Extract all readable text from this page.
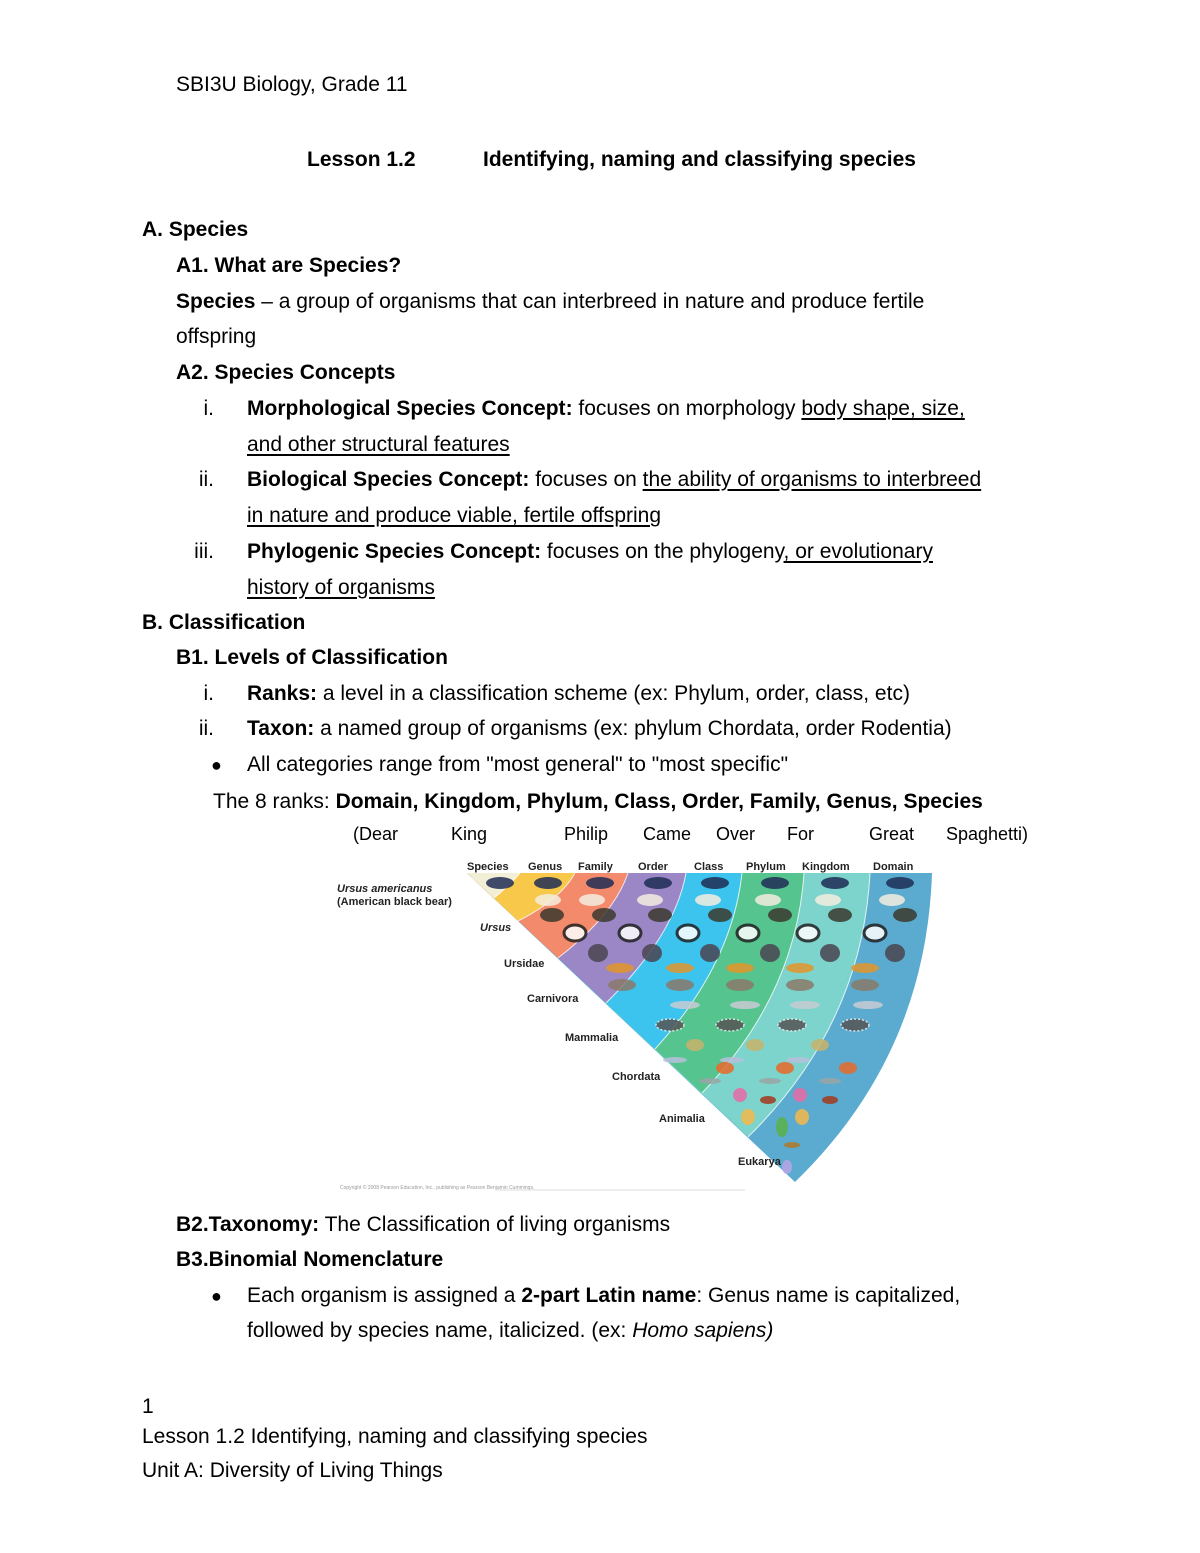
SBI3U Biology, Grade 11
Lesson 1.2	Identifying, naming and classifying species
A. Species
A1. What are Species?
Species – a group of organisms that can interbreed in nature and produce fertile
offspring
A2. Species Concepts
i. Morphological Species Concept: focuses on morphology body shape, size,
and other structural features
ii. Biological Species Concept: focuses on the ability of organisms to interbreed
in nature and produce viable, fertile offspring
iii. Phylogenic Species Concept: focuses on the phylogeny, or evolutionary
history of organisms
B. Classification
B1. Levels of Classification
i. Ranks: a level in a classification scheme (ex: Phylum, order, class, etc)
ii. Taxon: a named group of organisms (ex: phylum Chordata, order Rodentia)
● All categories range from "most general" to "most specific"
The 8 ranks: Domain, Kingdom, Phylum, Class, Order, Family, Genus, Species
(Dear	King	Philip Came Over For	Great Spaghetti)
Species Genus Family Order Class Phylum Kingdom Domain
Ursus americanus
(American black bear)
Ursus
Ursidae
Carnivora
Mammalia
Chordata
Animalia
Eukarya
Copyright © 2008 Pearson Education, Inc., publishing as Pearson Benjamin Cummings.
B2.Taxonomy: The Classification of living organisms
B3.Binomial Nomenclature
● Each organism is assigned a 2-part Latin name: Genus name is capitalized,
followed by species name, italicized. (ex: Homo sapiens)
1
Lesson 1.2 Identifying, naming and classifying species
Unit A: Diversity of Living Things
